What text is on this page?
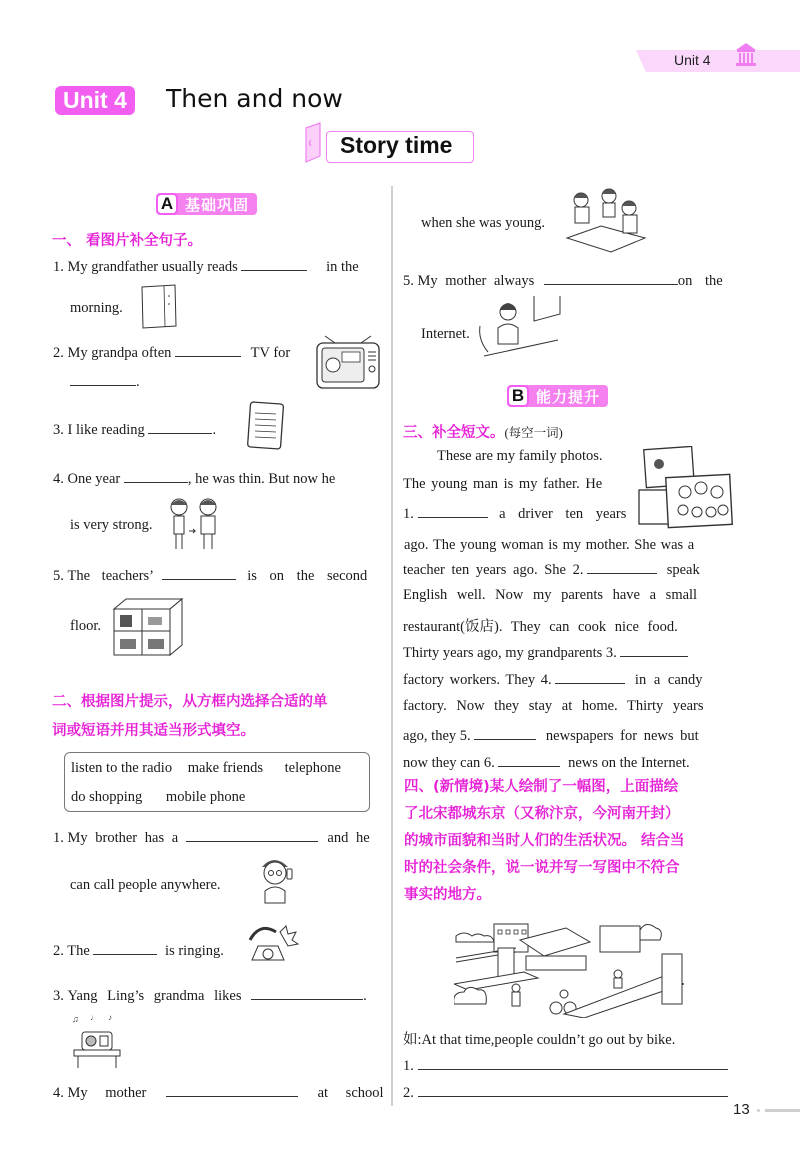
Unit 4
Unit 4	Then and now
Story time
A 基础巩固
一、 看图片补全句子。
1. My grandfather usually reads	in the
morning.
2. My grandpa often	TV for
.
3. I like reading	.
4. One year	, he was thin. But now he
is very strong.
5. The teachers’	is on the second
floor.
二、根据图片提示，从方框内选择合适的单
词或短语并用其适当形式填空。
listen to the radio make friends telephone
do shopping mobile phone
1. My brother has a	and he
can call people anywhere.
2. The	is ringing.
3. Yang Ling’s grandma likes	.
♫ ♩ ♪
4. My mother	at school
when she was young.
5. My mother always	on the
Internet.
B 能力提升
三、补全短文。(每空一词)
These are my family photos.
The young man is my father. He
1.	a driver ten years
ago. The young woman is my mother. She was a
teacher ten years ago. She 2.	speak
English well. Now my parents have a small
restaurant(饭店). They can cook nice food.
Thirty years ago, my grandparents 3.
factory workers. They 4.	in a candy
factory. Now they stay at home. Thirty years
ago, they 5.	newspapers for news but
now they can 6.	news on the Internet.
四、(新情境)某人绘制了一幅图，上面描绘
了北宋都城东京（又称汴京，今河南开封）
的城市面貌和当时人们的生活状况。 结合当
时的社会条件，说一说并写一写图中不符合
事实的地方。
如:At that time,people couldn’t go out by bike.
1.
2.
13
